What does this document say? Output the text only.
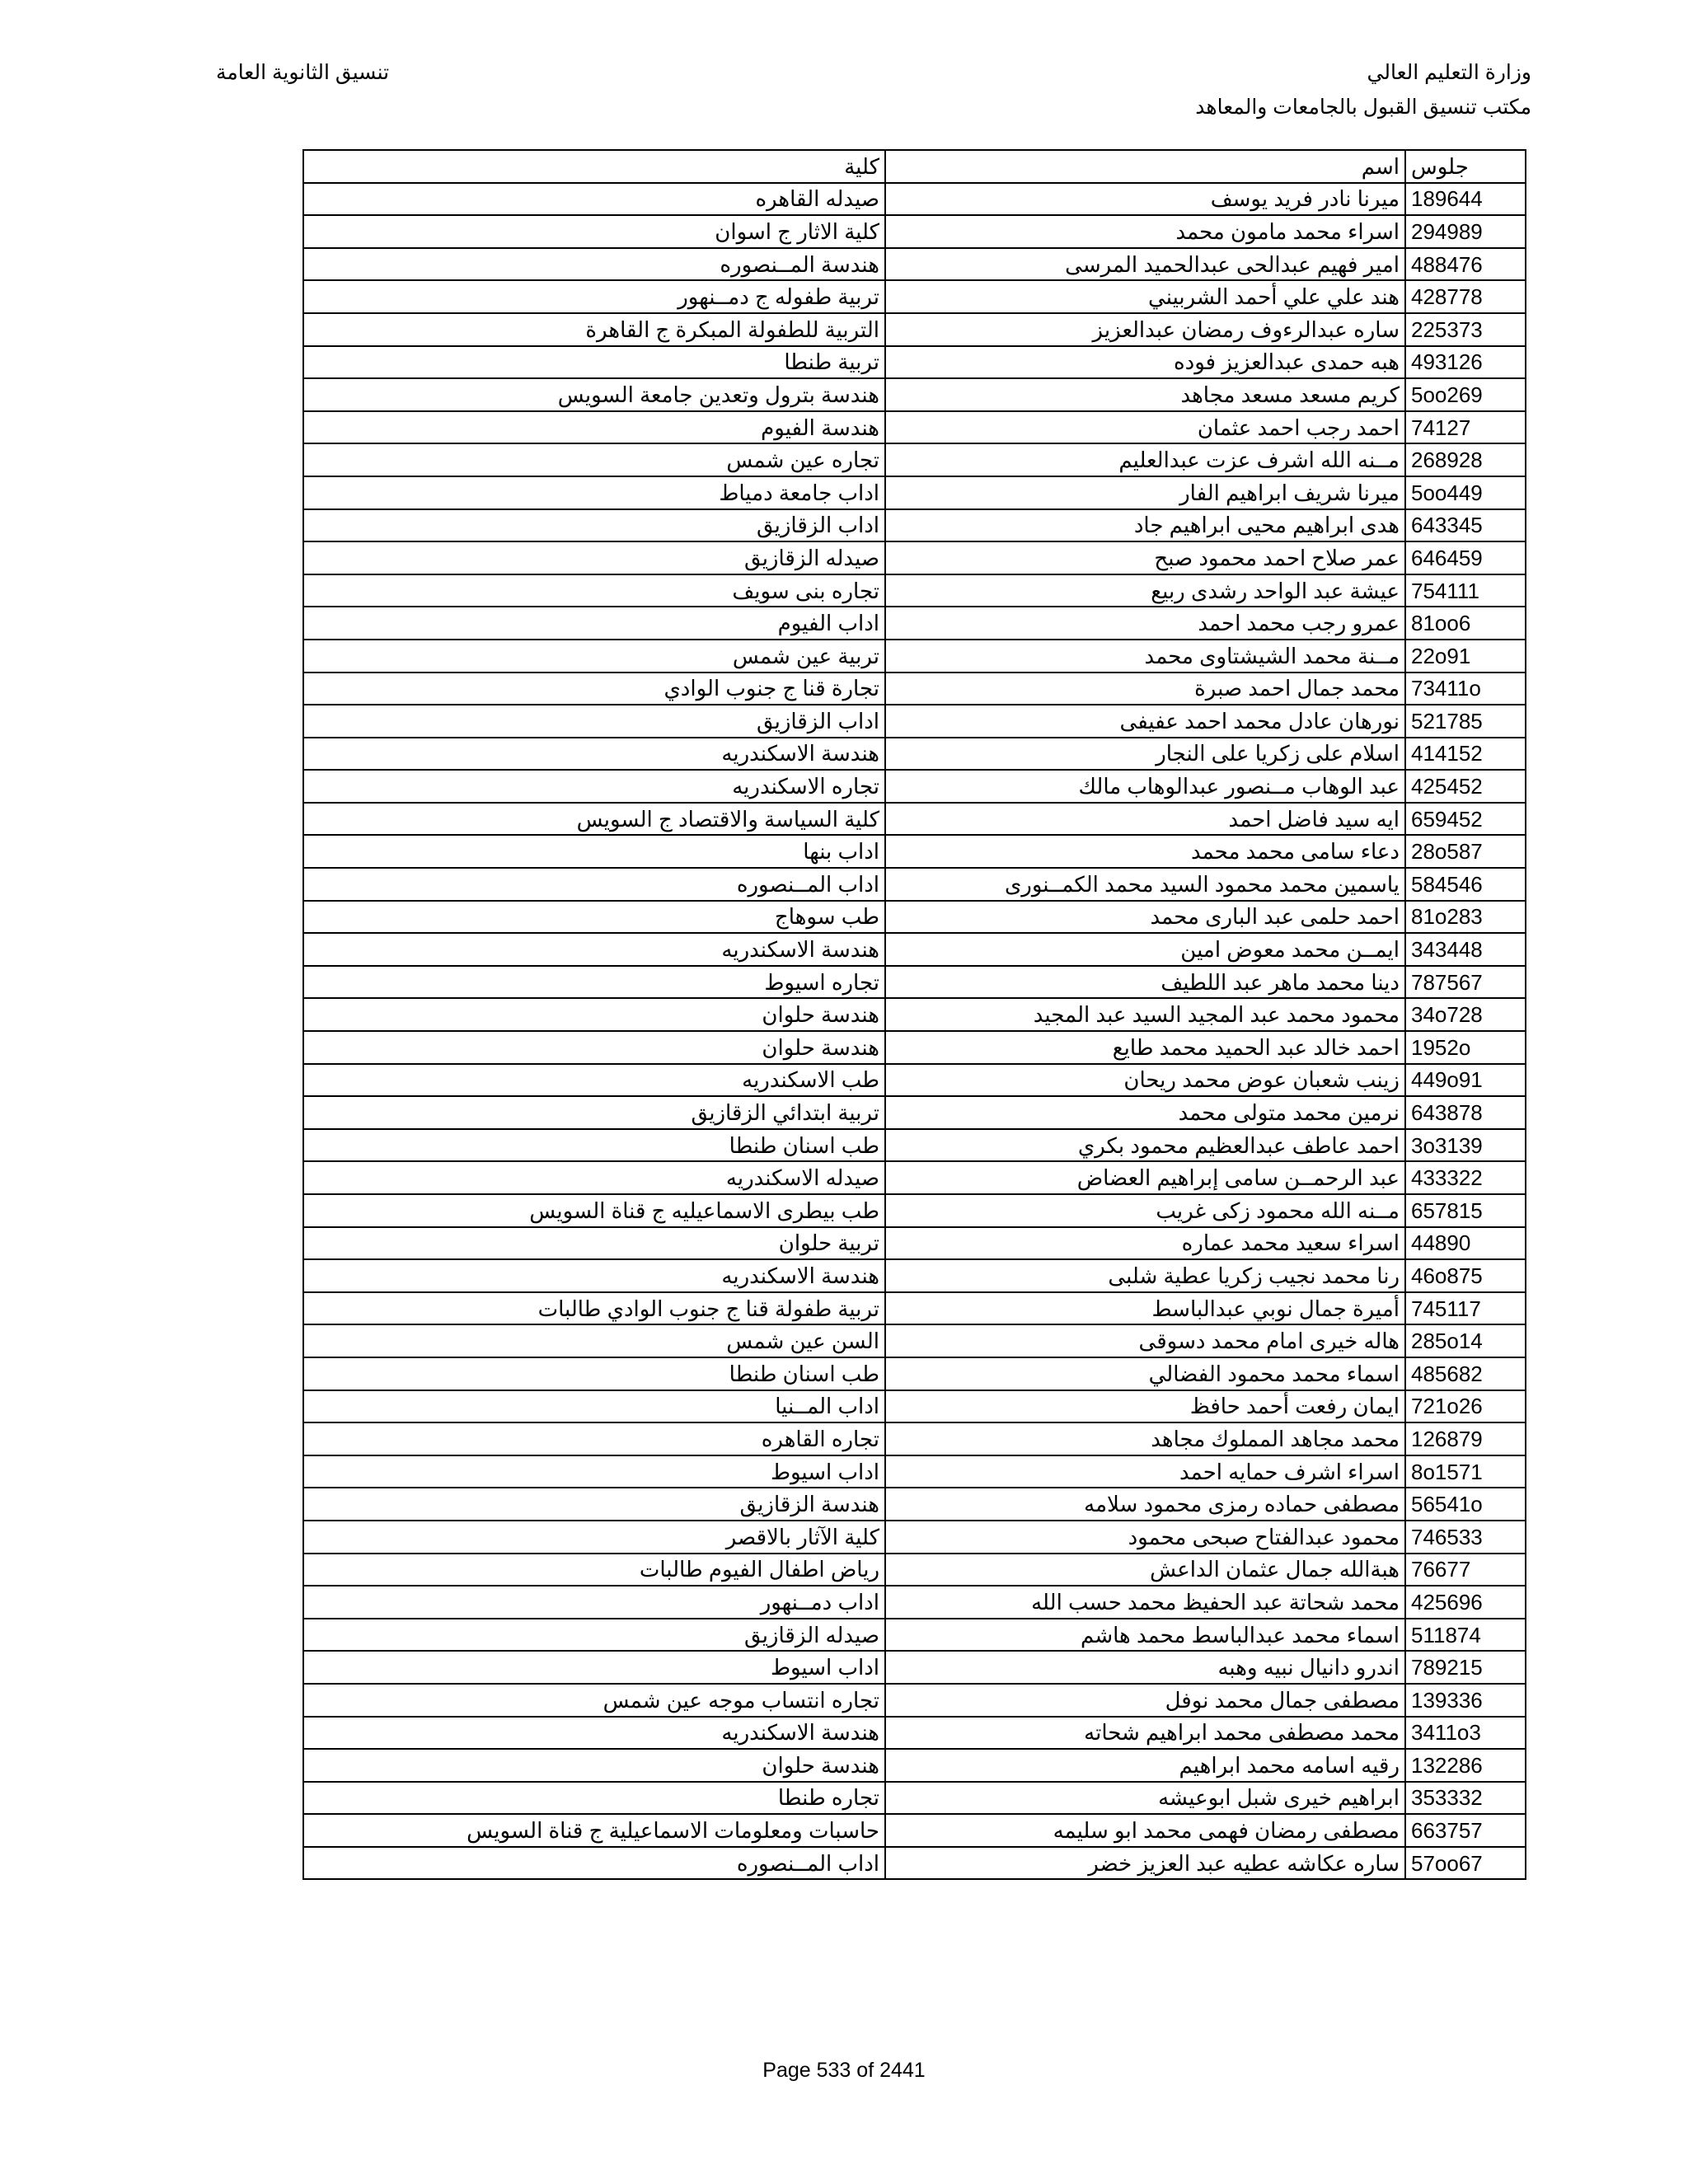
وزارة التعليم العالي
مكتب تنسيق القبول بالجامعات والمعاهد
تنسيق الثانوية العامة
كلية	اسم	جلوس
صيدله القاهره	ميرنا نادر فريد يوسف	189644
كلية الاثار ج اسوان	اسراء محمد مامون محمد	294989
هندسة المــنصوره	امير فهيم عبدالحى عبدالحميد المرسى	488476
تربية طفوله ج دمــنهور	هند علي علي أحمد الشربيني	428778
التربية للطفولة المبكرة ج القاهرة	ساره عبدالرءوف رمضان عبدالعزيز	225373
تربية طنطا	هبه حمدى عبدالعزيز فوده	493126
هندسة بترول وتعدين جامعة السويس	كريم مسعد مسعد مجاهد	5oo269
هندسة الفيوم	احمد رجب احمد عثمان	74127
تجاره عين شمس	مــنه الله اشرف عزت عبدالعليم	268928
اداب جامعة دمياط	ميرنا شريف ابراهيم الفار	5oo449
اداب الزقازيق	هدى ابراهيم محيى ابراهيم جاد	643345
صيدله الزقازيق	عمر صلاح احمد محمود صبح	646459
تجاره بنى سويف	عيشة عبد الواحد رشدى ربيع	754111
اداب الفيوم	عمرو رجب محمد احمد	81oo6
تربية عين شمس	مــنة محمد الشيشتاوى محمد	22o91
تجارة قنا ج جنوب الوادي	محمد جمال احمد صبرة	73411o
اداب الزقازيق	نورهان عادل محمد احمد عفيفى	521785
هندسة الاسكندريه	اسلام على زكريا على النجار	414152
تجاره الاسكندريه	عبد الوهاب مــنصور عبدالوهاب مالك	425452
كلية السياسة والاقتصاد ج السويس	ايه سيد فاضل احمد	659452
اداب بنها	دعاء سامى محمد محمد	28o587
اداب المــنصوره	ياسمين محمد محمود السيد محمد الكمــنورى	584546
طب سوهاج	احمد حلمى عبد البارى محمد	81o283
هندسة الاسكندريه	ايمــن محمد معوض امين	343448
تجاره اسيوط	دينا محمد ماهر عبد اللطيف	787567
هندسة حلوان	محمود محمد عبد المجيد السيد عبد المجيد	34o728
هندسة حلوان	احمد خالد عبد الحميد محمد طايع	1952o
طب الاسكندريه	زينب شعبان عوض محمد ريحان	449o91
تربية ابتدائي الزقازيق	نرمين محمد متولى محمد	643878
طب اسنان طنطا	احمد عاطف عبدالعظيم محمود بكري	3o3139
صيدله الاسكندريه	عبد الرحمــن سامى إبراهيم العضاض	433322
طب بيطرى الاسماعيليه ج قناة السويس	مــنه الله محمود زكى غريب	657815
تربية حلوان	اسراء سعيد محمد عماره	44890
هندسة الاسكندريه	رنا محمد نجيب زكريا عطية شلبى	46o875
تربية طفولة قنا ج جنوب الوادي طالبات	أميرة جمال نوبي عبدالباسط	745117
السن عين شمس	هاله خيرى امام محمد دسوقى	285o14
طب اسنان طنطا	اسماء محمد محمود الفضالي	485682
اداب المــنيا	ايمان رفعت أحمد حافظ	721o26
تجاره القاهره	محمد مجاهد المملوك مجاهد	126879
اداب اسيوط	اسراء اشرف حمايه احمد	8o1571
هندسة الزقازيق	مصطفى حماده رمزى محمود سلامه	56541o
كلية الآثار بالاقصر	محمود عبدالفتاح صبحى محمود	746533
رياض اطفال الفيوم طالبات	هبةالله جمال عثمان الداعش	76677
اداب دمــنهور	محمد شحاتة عبد الحفيظ محمد حسب الله	425696
صيدله الزقازيق	اسماء محمد عبدالباسط محمد هاشم	511874
اداب اسيوط	اندرو دانيال نبيه وهبه	789215
تجاره انتساب موجه عين شمس	مصطفى جمال محمد نوفل	139336
هندسة الاسكندريه	محمد مصطفى محمد ابراهيم شحاته	3411o3
هندسة حلوان	رقيه اسامه محمد ابراهيم	132286
تجاره طنطا	ابراهيم خيرى شبل ابوعيشه	353332
حاسبات ومعلومات الاسماعيلية ج قناة السويس	مصطفى رمضان فهمى محمد ابو سليمه	663757
اداب المــنصوره	ساره عكاشه عطيه عبد العزيز خضر	57oo67
Page 533 of 2441
